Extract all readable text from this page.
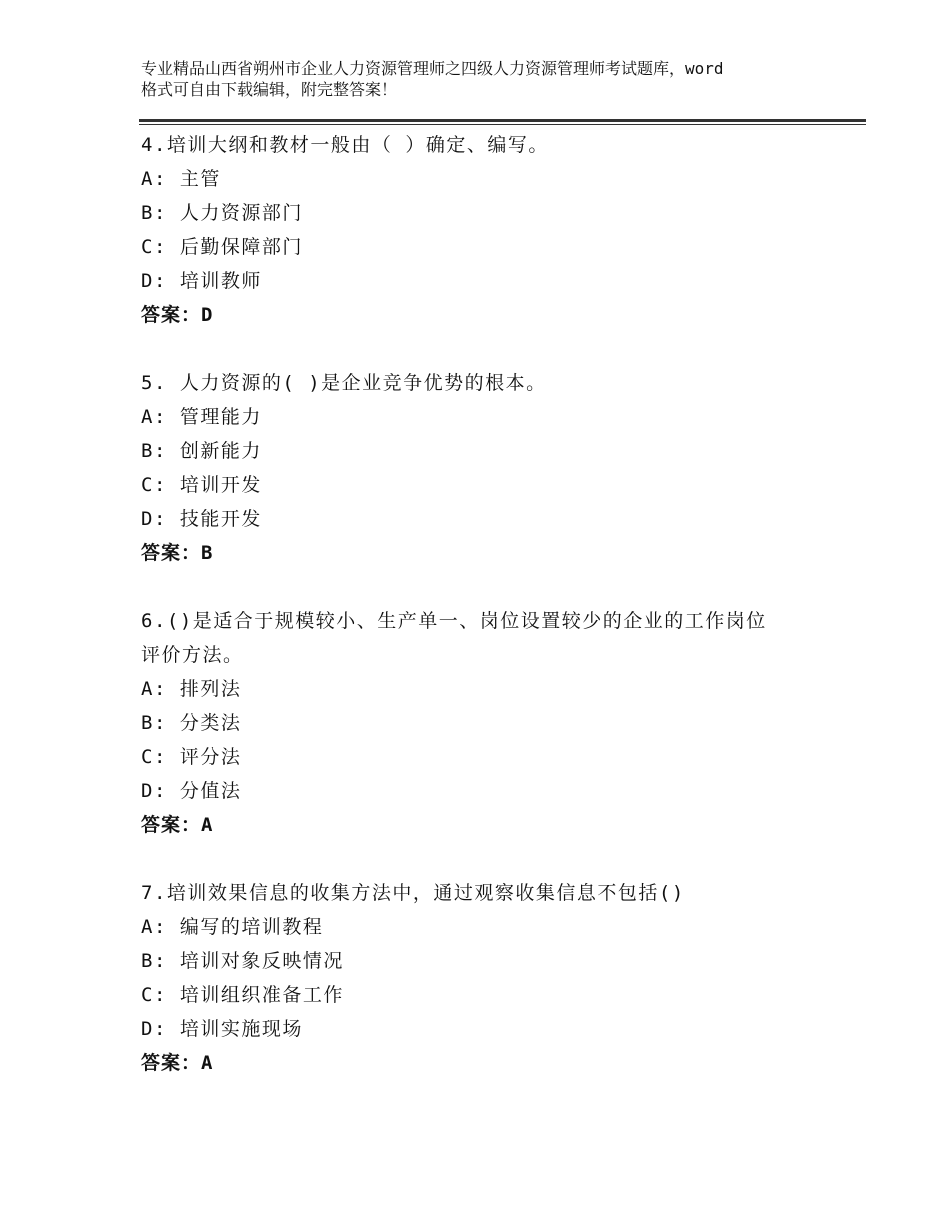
专业精品山西省朔州市企业人力资源管理师之四级人力资源管理师考试题库，word
格式可自由下载编辑，附完整答案！
4.培训大纲和教材一般由（ ）确定、编写。
A: 主管
B: 人力资源部门
C: 后勤保障部门
D: 培训教师
答案：D
5. 人力资源的( )是企业竞争优势的根本。
A: 管理能力
B: 创新能力
C: 培训开发
D: 技能开发
答案：B
6.()是适合于规模较小、生产单一、岗位设置较少的企业的工作岗位
评价方法。
A: 排列法
B: 分类法
C: 评分法
D: 分值法
答案：A
7.培训效果信息的收集方法中，通过观察收集信息不包括()
A: 编写的培训教程
B: 培训对象反映情况
C: 培训组织准备工作
D: 培训实施现场
答案：A
